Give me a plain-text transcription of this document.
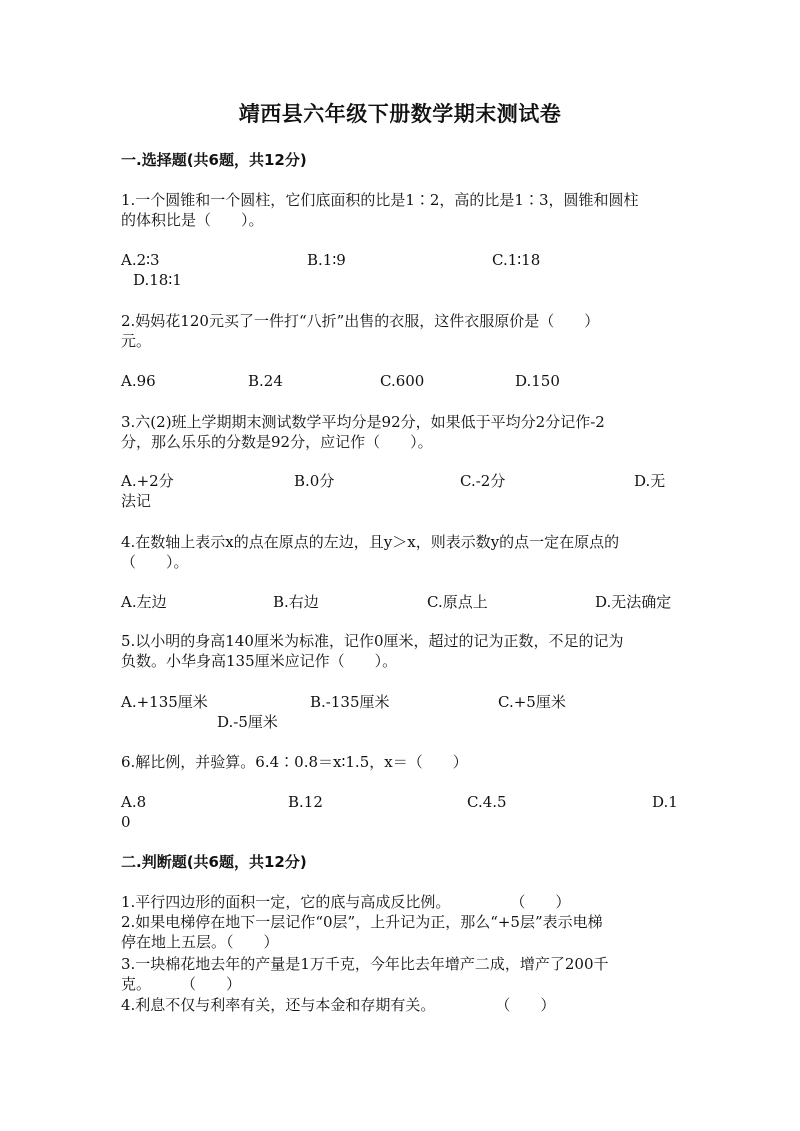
靖西县六年级下册数学期末测试卷
一.选择题(共6题，共12分)
1.一个圆锥和一个圆柱，它们底面积的比是1∶2，高的比是1∶3，圆锥和圆柱
的体积比是（　　）。
A.2∶3	B.1∶9	C.1∶18
D.18∶1
2.妈妈花120元买了一件打“八折”出售的衣服，这件衣服原价是（　　）
元。
A.96	B.24	C.600	D.150
3.六(2)班上学期期末测试数学平均分是92分，如果低于平均分2分记作-2
分，那么乐乐的分数是92分，应记作（　　）。
A.+2分	B.0分	C.-2分	D.无
法记
4.在数轴上表示x的点在原点的左边，且y＞x，则表示数y的点一定在原点的
（　　）。
A.左边	B.右边	C.原点上	D.无法确定
5.以小明的身高140厘米为标准，记作0厘米，超过的记为正数，不足的记为
负数。小华身高135厘米应记作（　　）。
A.+135厘米	B.-135厘米	C.+5厘米
D.-5厘米
6.解比例，并验算。6.4∶0.8＝x∶1.5，x＝（　　）
A.8	B.12	C.4.5	D.1
0
二.判断题(共6题，共12分)
1.平行四边形的面积一定，它的底与高成反比例。　　　　　（　　）
2.如果电梯停在地下一层记作“0层”，上升记为正，那么“+5层”表示电梯
停在地上五层。（　　）
3.一块棉花地去年的产量是1万千克，今年比去年增产二成，增产了200千
克。　　　（　　）
4.利息不仅与利率有关，还与本金和存期有关。　　　　　（　　）
